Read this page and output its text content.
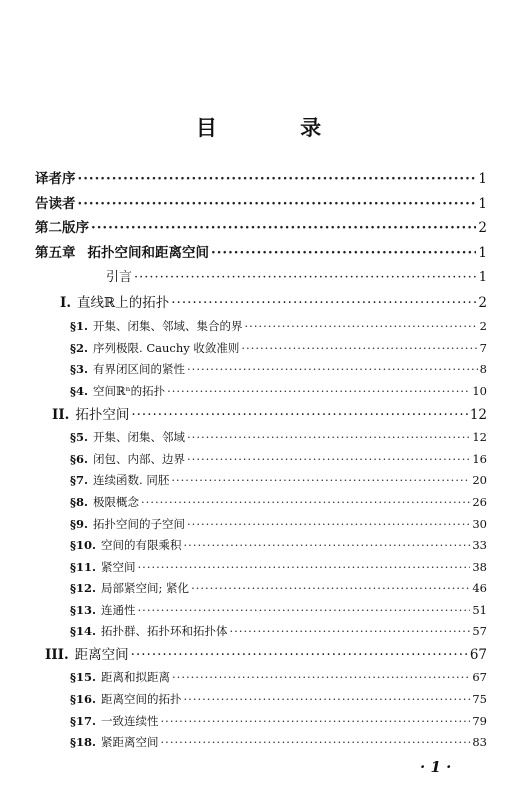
目 录
译者序 ·····	1
告读者 ·····	1
第二版序 ·····	2
第五章 拓扑空间和距离空间 ·····	1
引言 ·····	1
I. 直线ℝ上的拓扑 ·····	2
§1. 开集、闭集、邻域、集合的界 ·····	2
§2. 序列极限. Cauchy 收敛准则 ·····	7
§3. 有界闭区间的紧性 ·····	8
§4. 空间ℝⁿ的拓扑 ·····	10
II. 拓扑空间 ·····	12
§5. 开集、闭集、邻域 ·····	12
§6. 闭包、内部、边界 ·····	16
§7. 连续函数. 同胚 ·····	20
§8. 极限概念 ·····	26
§9. 拓扑空间的子空间 ·····	30
§10. 空间的有限乘积 ·····	33
§11. 紧空间 ·····	38
§12. 局部紧空间; 紧化 ·····	46
§13. 连通性 ·····	51
§14. 拓扑群、拓扑环和拓扑体 ·····	57
III. 距离空间 ·····	67
§15. 距离和拟距离 ·····	67
§16. 距离空间的拓扑 ·····	75
§17. 一致连续性 ·····	79
§18. 紧距离空间 ·····	83
· 1 ·
